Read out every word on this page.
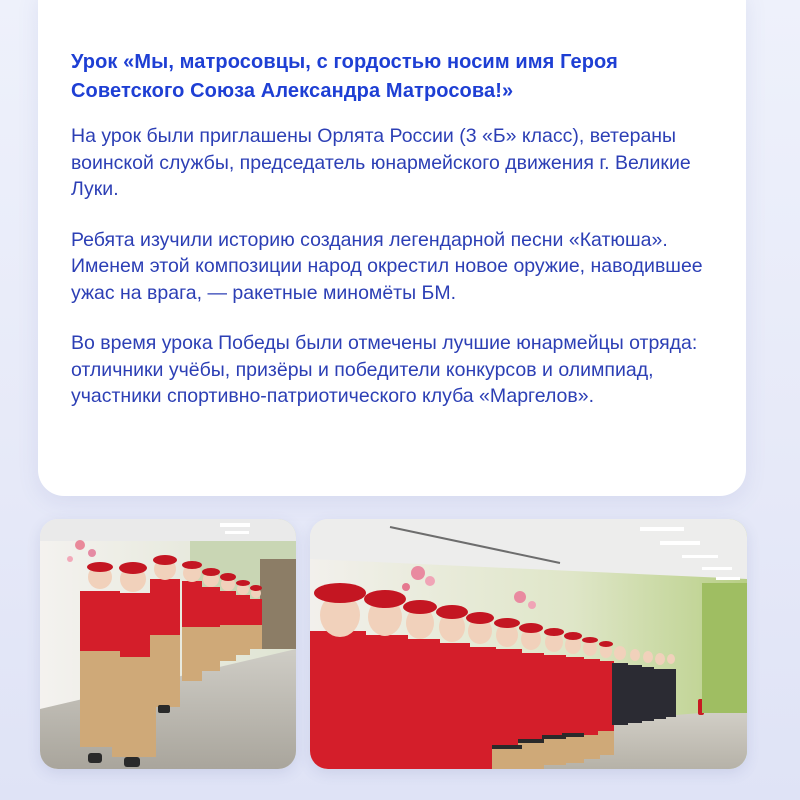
Урок «Мы, матросовцы, с гордостью носим имя Героя Советского Союза Александра Матросова!»
На урок были приглашены Орлята России (3 «Б» класс), ветераны воинской службы, председатель юнармейского движения г. Великие Луки.
Ребята изучили историю создания легендарной песни «Катюша». Именем этой композиции народ окрестил новое оружие, наводившее ужас на врага, — ракетные миномёты БМ.
Во время урока Победы были отмечены лучшие юнармейцы отряда: отличники учёбы, призёры и победители конкурсов и олимпиад, участники спортивно-патриотического клуба «Маргелов».
